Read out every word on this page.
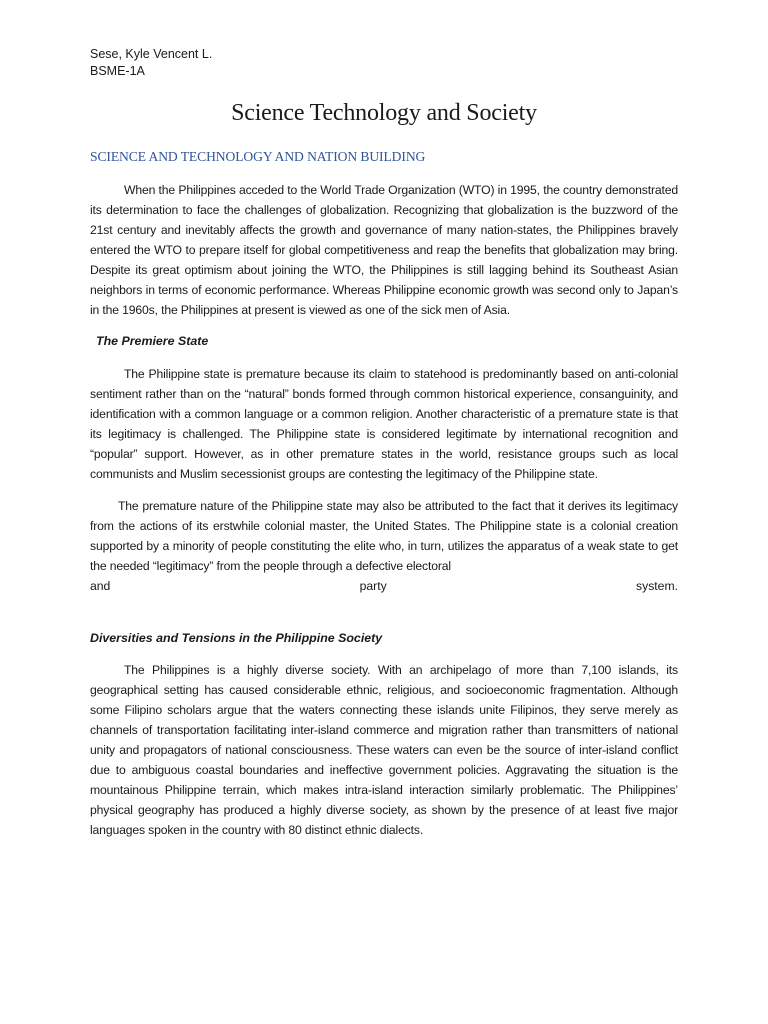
Sese, Kyle Vencent L.
BSME-1A
Science Technology and Society
SCIENCE AND TECHNOLOGY AND NATION BUILDING

When the Philippines acceded to the World Trade Organization (WTO) in 1995, the country demonstrated its determination to face the challenges of globalization. Recognizing that globalization is the buzzword of the 21st century and inevitably affects the growth and governance of many nation-states, the Philippines bravely entered the WTO to prepare itself for global competitiveness and reap the benefits that globalization may bring. Despite its great optimism about joining the WTO, the Philippines is still lagging behind its Southeast Asian neighbors in terms of economic performance. Whereas Philippine economic growth was second only to Japan’s in the 1960s, the Philippines at present is viewed as one of the sick men of Asia.

The Premiere State

The Philippine state is premature because its claim to statehood is predominantly based on anti-colonial sentiment rather than on the “natural” bonds formed through common historical experience, consanguinity, and identification with a common language or a common religion. Another characteristic of a premature state is that its legitimacy is challenged. The Philippine state is considered legitimate by international recognition and “popular” support. However, as in other premature states in the world, resistance groups such as local communists and Muslim secessionist groups are contesting the legitimacy of the Philippine state.

The premature nature of the Philippine state may also be attributed to the fact that it derives its legitimacy from the actions of its erstwhile colonial master, the United States. The Philippine state is a colonial creation supported by a minority of people constituting the elite who, in turn, utilizes the apparatus of a weak state to get the needed “legitimacy” from the people through a defective electoral

and	party	system.
Diversities and Tensions in the Philippine Society

The Philippines is a highly diverse society. With an archipelago of more than 7,100 islands, its geographical setting has caused considerable ethnic, religious, and socioeconomic fragmentation. Although some Filipino scholars argue that the waters connecting these islands unite Filipinos, they serve merely as channels of transportation facilitating inter-island commerce and migration rather than transmitters of national unity and propagators of national consciousness. These waters can even be the source of inter-island conflict due to ambiguous coastal boundaries and ineffective government policies. Aggravating the situation is the mountainous Philippine terrain, which makes intra-island interaction similarly problematic. The Philippines’ physical geography has produced a highly diverse society, as shown by the presence of at least five major languages spoken in the country with 80 distinct ethnic dialects.
